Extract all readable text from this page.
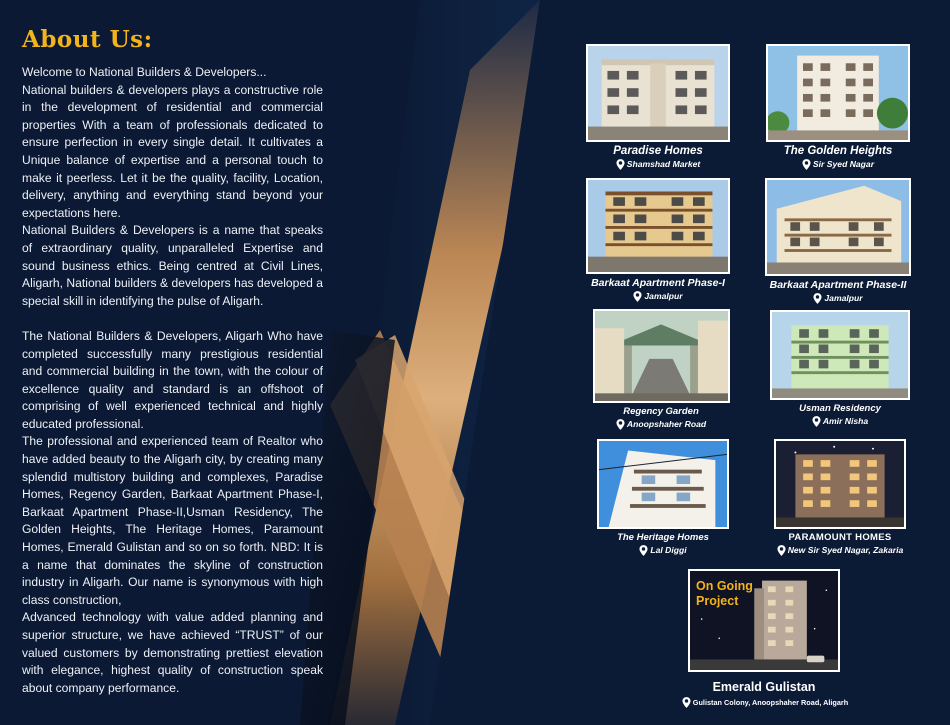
About Us:

Welcome to National Builders & Developers...

National builders & developers plays a constructive role in the development of residential and commercial properties With a team of professionals dedicated to ensure perfection in every single detail. It cultivates a Unique balance of expertise and a personal touch to make it peerless. Let it be the quality, facility, Location, delivery, anything and everything stand beyond your expectations here.

National Builders & Developers is a name that speaks of extraordinary quality, unparalleled Expertise and sound business ethics. Being centred at Civil Lines, Aligarh, National builders & developers has developed a special skill in identifying the pulse of Aligarh.

The National Builders & Developers, Aligarh Who have completed successfully many prestigious residential and commercial building in the town, with the colour of excellence quality and standard is an offshoot of comprising of well experienced technical and highly educated professional.

The professional and experienced team of Realtor who have added beauty to the Aligarh city, by creating many splendid multistory building and complexes, Paradise Homes, Regency Garden, Barkaat Apartment Phase-I, Barkaat Apartment Phase-II,Usman Residency, The Golden Heights, The Heritage Homes, Paramount Homes, Emerald Gulistan and so on so forth. NBD: It is a name that dominates the skyline of construction industry in Aligarh. Our name is synonymous with high class construction,

Advanced technology with value added planning and superior structure, we have achieved “TRUST” of our valued customers by demonstrating prettiest elevation with elegance, highest quality of construction speak about company performance.

Paradise Homes
Shamshad Market
The Golden Heights
Sir Syed Nagar
Barkaat Apartment Phase-I
Jamalpur
Barkaat Apartment Phase-II
Jamalpur
Regency Garden
Anoopshaher Road
Usman Residency
Amir Nisha
The Heritage Homes
Lal Diggi
PARAMOUNT HOMES
New Sir Syed Nagar, Zakaria
On Going
Project
Emerald Gulistan
Gulistan Colony, Anoopshaher Road, Aligarh
